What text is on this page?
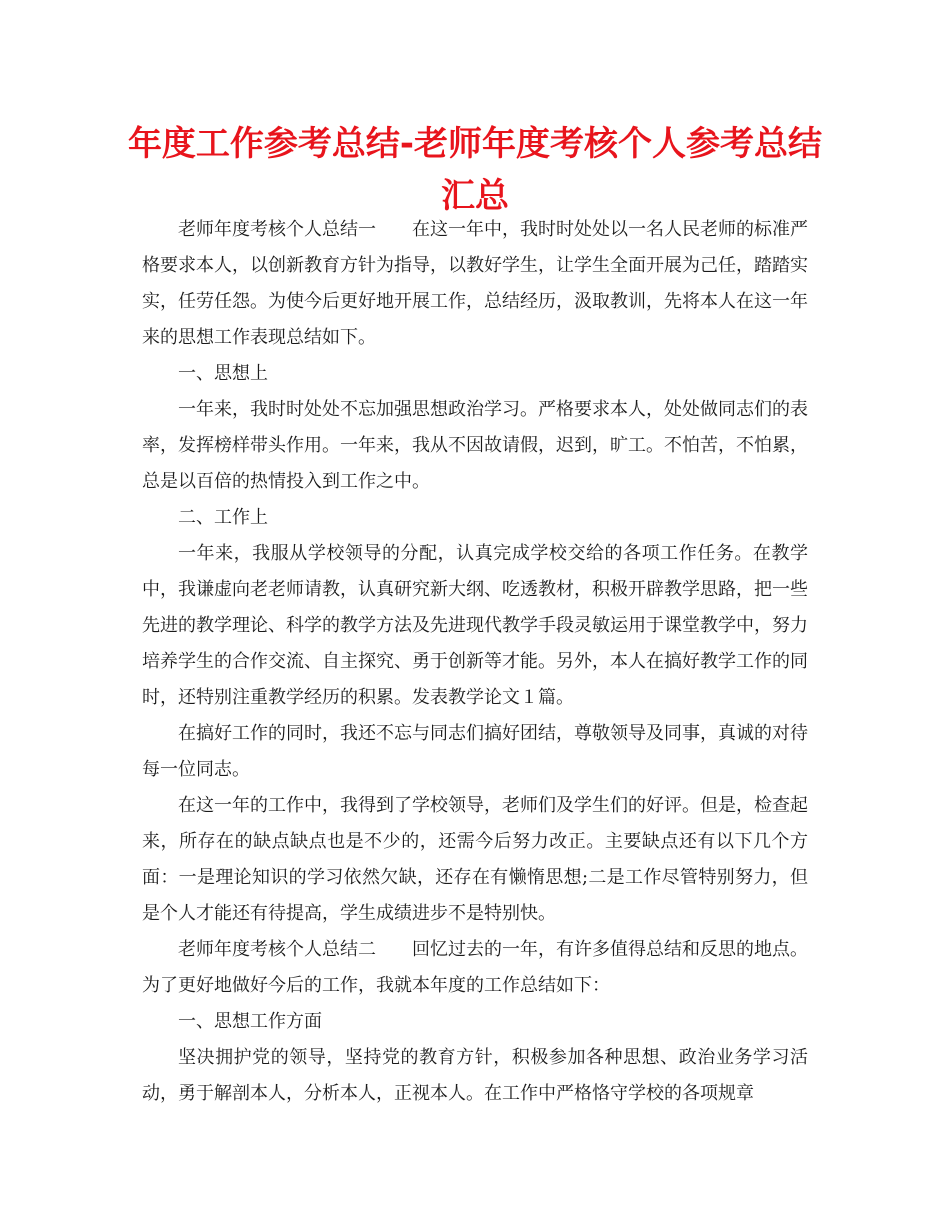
年度工作参考总结-老师年度考核个人参考总结汇总

老师年度考核个人总结一 在这一年中，我时时处处以一名人民老师的标准严格要求本人，以创新教育方针为指导，以教好学生，让学生全面开展为己任，踏踏实实，任劳任怨。为使今后更好地开展工作，总结经历，汲取教训，先将本人在这一年来的思想工作表现总结如下。

一、思想上

一年来，我时时处处不忘加强思想政治学习。严格要求本人，处处做同志们的表率，发挥榜样带头作用。一年来，我从不因故请假，迟到，旷工。不怕苦，不怕累，总是以百倍的热情投入到工作之中。

二、工作上

一年来，我服从学校领导的分配，认真完成学校交给的各项工作任务。在教学中，我谦虚向老老师请教，认真研究新大纲、吃透教材，积极开辟教学思路，把一些先进的教学理论、科学的教学方法及先进现代教学手段灵敏运用于课堂教学中，努力培养学生的合作交流、自主探究、勇于创新等才能。另外，本人在搞好教学工作的同时，还特别注重教学经历的积累。发表教学论文１篇。

在搞好工作的同时，我还不忘与同志们搞好团结，尊敬领导及同事，真诚的对待每一位同志。

在这一年的工作中，我得到了学校领导，老师们及学生们的好评。但是，检查起来，所存在的缺点缺点也是不少的，还需今后努力改正。主要缺点还有以下几个方面：一是理论知识的学习依然欠缺，还存在有懒惰思想;二是工作尽管特别努力，但是个人才能还有待提高，学生成绩进步不是特别快。

老师年度考核个人总结二 回忆过去的一年，有许多值得总结和反思的地点。为了更好地做好今后的工作，我就本年度的工作总结如下：

一、思想工作方面

坚决拥护党的领导，坚持党的教育方针，积极参加各种思想、政治业务学习活动，勇于解剖本人，分析本人，正视本人。在工作中严格恪守学校的各项规章
